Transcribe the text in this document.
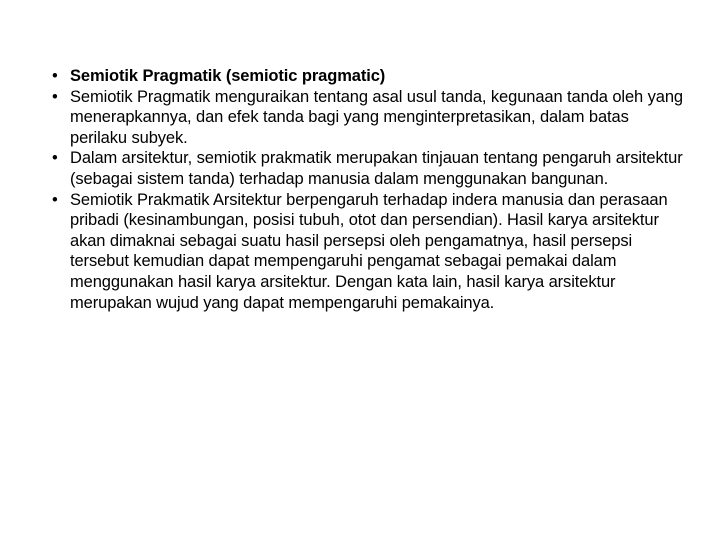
• Semiotik Pragmatik (semiotic pragmatic)
• Semiotik Pragmatik menguraikan tentang asal usul tanda, kegunaan tanda oleh yang menerapkannya, dan efek tanda bagi yang menginterpretasikan, dalam batas perilaku subyek.
• Dalam arsitektur, semiotik prakmatik merupakan tinjauan tentang pengaruh arsitektur (sebagai sistem tanda) terhadap manusia dalam menggunakan bangunan.
• Semiotik Prakmatik Arsitektur berpengaruh terhadap indera manusia dan perasaan pribadi (kesinambungan, posisi tubuh, otot dan persendian). Hasil karya arsitektur akan dimaknai sebagai suatu hasil persepsi oleh pengamatnya, hasil persepsi tersebut kemudian dapat mempengaruhi pengamat sebagai pemakai dalam menggunakan hasil karya arsitektur. Dengan kata lain, hasil karya arsitektur merupakan wujud yang dapat mempengaruhi pemakainya.
